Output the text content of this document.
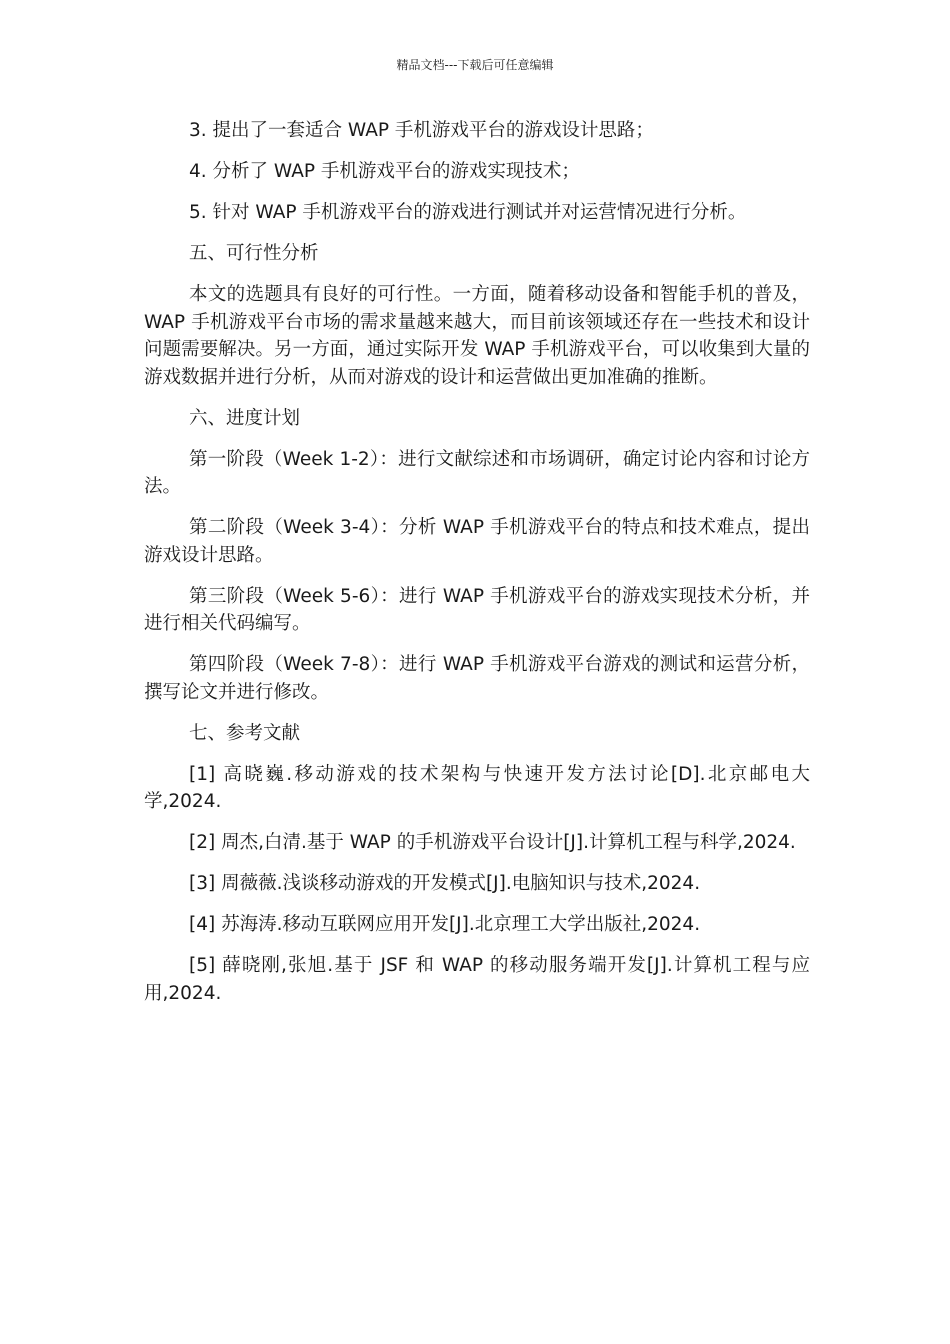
精品文档---下载后可任意编辑

3. 提出了一套适合 WAP 手机游戏平台的游戏设计思路；

4. 分析了 WAP 手机游戏平台的游戏实现技术；

5. 针对 WAP 手机游戏平台的游戏进行测试并对运营情况进行分析。

五、可行性分析

本文的选题具有良好的可行性。一方面，随着移动设备和智能手机的普及，WAP 手机游戏平台市场的需求量越来越大，而目前该领域还存在一些技术和设计问题需要解决。另一方面，通过实际开发 WAP 手机游戏平台，可以收集到大量的游戏数据并进行分析，从而对游戏的设计和运营做出更加准确的推断。

六、进度计划

第一阶段（Week 1-2）：进行文献综述和市场调研，确定讨论内容和讨论方法。

第二阶段（Week 3-4）：分析 WAP 手机游戏平台的特点和技术难点，提出游戏设计思路。

第三阶段（Week 5-6）：进行 WAP 手机游戏平台的游戏实现技术分析，并进行相关代码编写。

第四阶段（Week 7-8）：进行 WAP 手机游戏平台游戏的测试和运营分析，撰写论文并进行修改。

七、参考文献

[1] 高晓巍.移动游戏的技术架构与快速开发方法讨论[D].北京邮电大学,2024.

[2] 周杰,白清.基于 WAP 的手机游戏平台设计[J].计算机工程与科学,2024.

[3] 周薇薇.浅谈移动游戏的开发模式[J].电脑知识与技术,2024.

[4] 苏海涛.移动互联网应用开发[J].北京理工大学出版社,2024.

[5] 薛晓刚,张旭.基于 JSF 和 WAP 的移动服务端开发[J].计算机工程与应用,2024.
